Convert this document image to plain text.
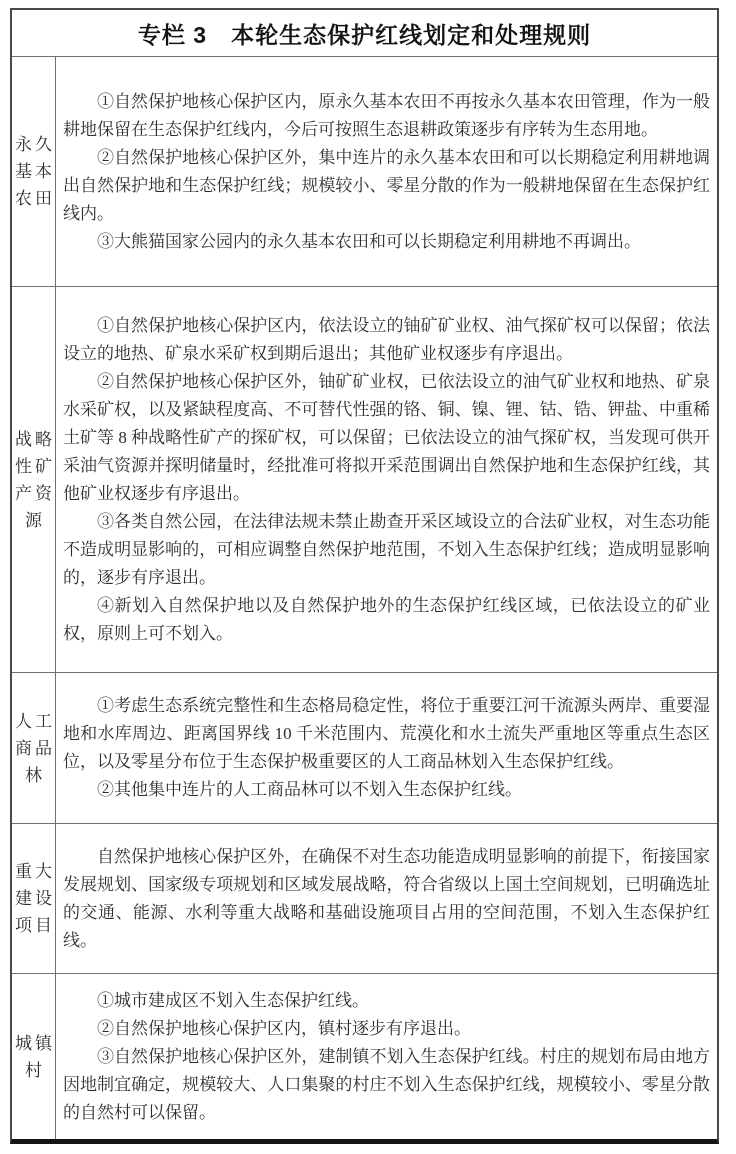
专栏 3　本轮生态保护红线划定和处理规则
永久
基本
农田

①自然保护地核心保护区内，原永久基本农田不再按永久基本农田管理，作为一般耕地保留在生态保护红线内，今后可按照生态退耕政策逐步有序转为生态用地。

②自然保护地核心保护区外，集中连片的永久基本农田和可以长期稳定利用耕地调出自然保护地和生态保护红线；规模较小、零星分散的作为一般耕地保留在生态保护红线内。

③大熊猫国家公园内的永久基本农田和可以长期稳定利用耕地不再调出。

战略
性矿
产资
源

①自然保护地核心保护区内，依法设立的铀矿矿业权、油气探矿权可以保留；依法设立的地热、矿泉水采矿权到期后退出；其他矿业权逐步有序退出。

②自然保护地核心保护区外，铀矿矿业权，已依法设立的油气矿业权和地热、矿泉水采矿权，以及紧缺程度高、不可替代性强的铬、铜、镍、锂、钴、锆、钾盐、中重稀土矿等 8 种战略性矿产的探矿权，可以保留；已依法设立的油气探矿权，当发现可供开采油气资源并探明储量时，经批准可将拟开采范围调出自然保护地和生态保护红线，其他矿业权逐步有序退出。

③各类自然公园，在法律法规未禁止勘查开采区域设立的合法矿业权，对生态功能不造成明显影响的，可相应调整自然保护地范围，不划入生态保护红线；造成明显影响的，逐步有序退出。

④新划入自然保护地以及自然保护地外的生态保护红线区域，已依法设立的矿业权，原则上可不划入。

人工
商品
林

①考虑生态系统完整性和生态格局稳定性，将位于重要江河干流源头两岸、重要湿地和水库周边、距离国界线 10 千米范围内、荒漠化和水土流失严重地区等重点生态区位，以及零星分布位于生态保护极重要区的人工商品林划入生态保护红线。

②其他集中连片的人工商品林可以不划入生态保护红线。

重大
建设
项目

自然保护地核心保护区外，在确保不对生态功能造成明显影响的前提下，衔接国家发展规划、国家级专项规划和区域发展战略，符合省级以上国土空间规划，已明确选址的交通、能源、水利等重大战略和基础设施项目占用的空间范围，不划入生态保护红线。

城镇
村

①城市建成区不划入生态保护红线。

②自然保护地核心保护区内，镇村逐步有序退出。

③自然保护地核心保护区外，建制镇不划入生态保护红线。村庄的规划布局由地方因地制宜确定，规模较大、人口集聚的村庄不划入生态保护红线，规模较小、零星分散的自然村可以保留。
